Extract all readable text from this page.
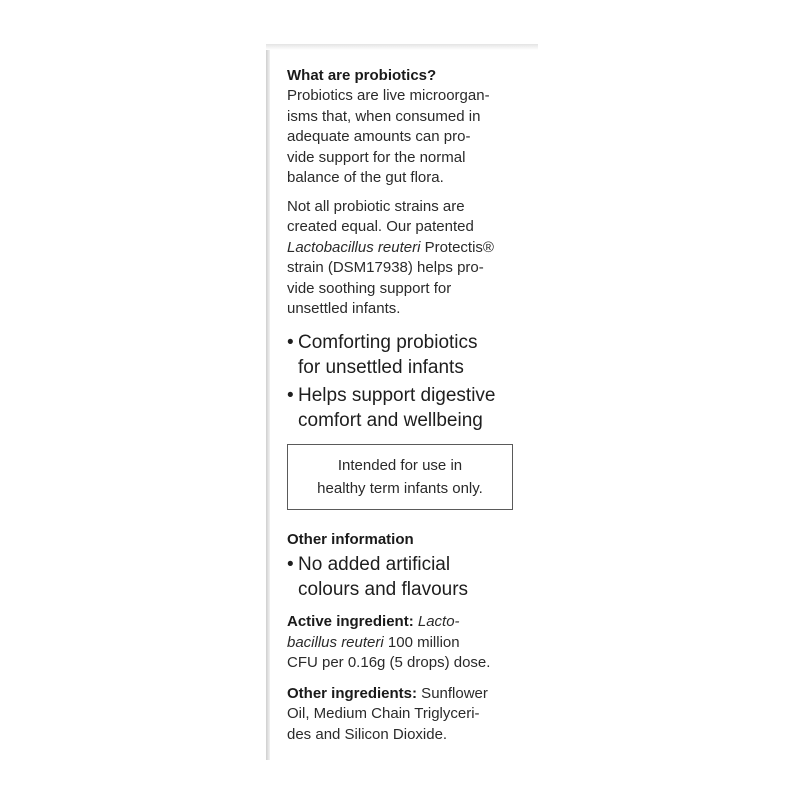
What are probiotics?

Probiotics are live microorgan-
isms that, when consumed in
adequate amounts can pro-
vide support for the normal
balance of the gut flora.

Not all probiotic strains are
created equal. Our patented
Lactobacillus reuteri Protectis®
strain (DSM17938) helps pro-
vide soothing support for
unsettled infants.

• Comforting probiotics
for unsettled infants
• Helps support digestive
comfort and wellbeing
Intended for use in
healthy term infants only.

Other information

• No added artificial
colours and flavours

Active ingredient: Lacto-
bacillus reuteri 100 million
CFU per 0.16g (5 drops) dose.

Other ingredients: Sunflower
Oil, Medium Chain Triglyceri-
des and Silicon Dioxide.
